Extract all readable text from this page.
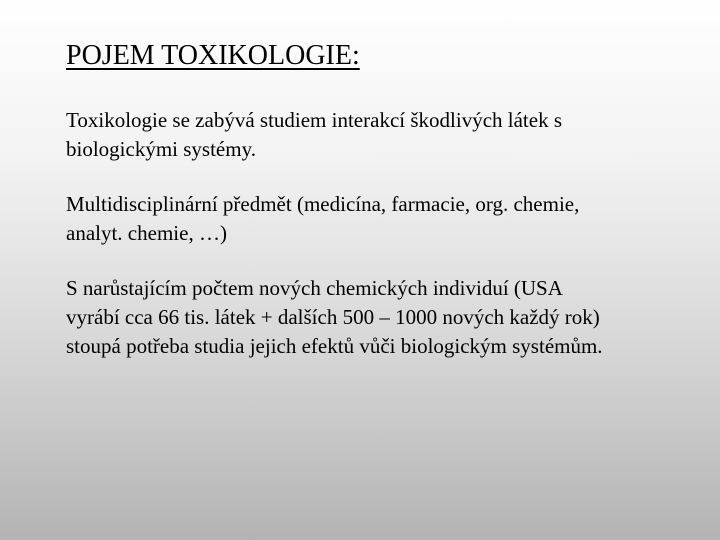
POJEM TOXIKOLOGIE:

Toxikologie se zabývá studiem interakcí škodlivých látek s
biologickými systémy.

Multidisciplinární předmět (medicína, farmacie, org. chemie,
analyt. chemie, …)

S narůstajícím počtem nových chemických individuí (USA
vyrábí cca 66 tis. látek + dalších 500 – 1000 nových každý rok)
stoupá potřeba studia jejich efektů vůči biologickým systémům.
